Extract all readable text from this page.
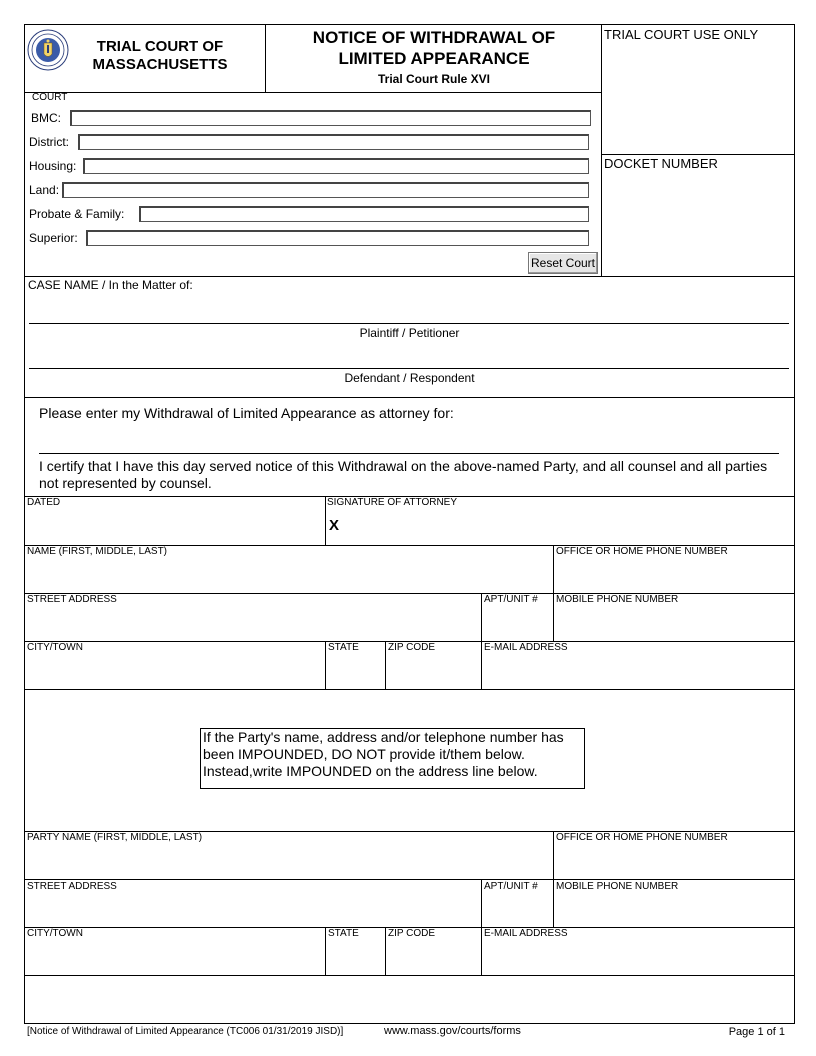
TRIAL COURT OF
MASSACHUSETTS
NOTICE OF WITHDRAWAL OF
LIMITED APPEARANCE
Trial Court Rule XVI
TRIAL COURT USE ONLY
DOCKET NUMBER
COURT
BMC:
District:
Housing:
Land:
Probate & Family:
Superior:
Reset Court
CASE NAME / In the Matter of:
Plaintiff / Petitioner
Defendant / Respondent
Please enter my Withdrawal of Limited Appearance as attorney for:
I certify that I have this day served notice of this Withdrawal on the above-named Party, and all counsel and all parties not represented by counsel.
DATED	SIGNATURE OF ATTORNEY
X
NAME (FIRST, MIDDLE, LAST)	OFFICE OR HOME PHONE NUMBER
STREET ADDRESS	APT/UNIT # MOBILE PHONE NUMBER
CITY/TOWN	STATE	ZIP CODE	E-MAIL ADDRESS
If the Party's name, address and/or telephone number has been IMPOUNDED, DO NOT provide it/them below. Instead,write IMPOUNDED on the address line below.
PARTY NAME (FIRST, MIDDLE, LAST)	OFFICE OR HOME PHONE NUMBER
STREET ADDRESS	APT/UNIT # MOBILE PHONE NUMBER
CITY/TOWN	STATE	ZIP CODE	E-MAIL ADDRESS
[Notice of Withdrawal of Limited Appearance (TC006 01/31/2019 JISD)]	www.mass.gov/courts/forms	Page 1 of 1
